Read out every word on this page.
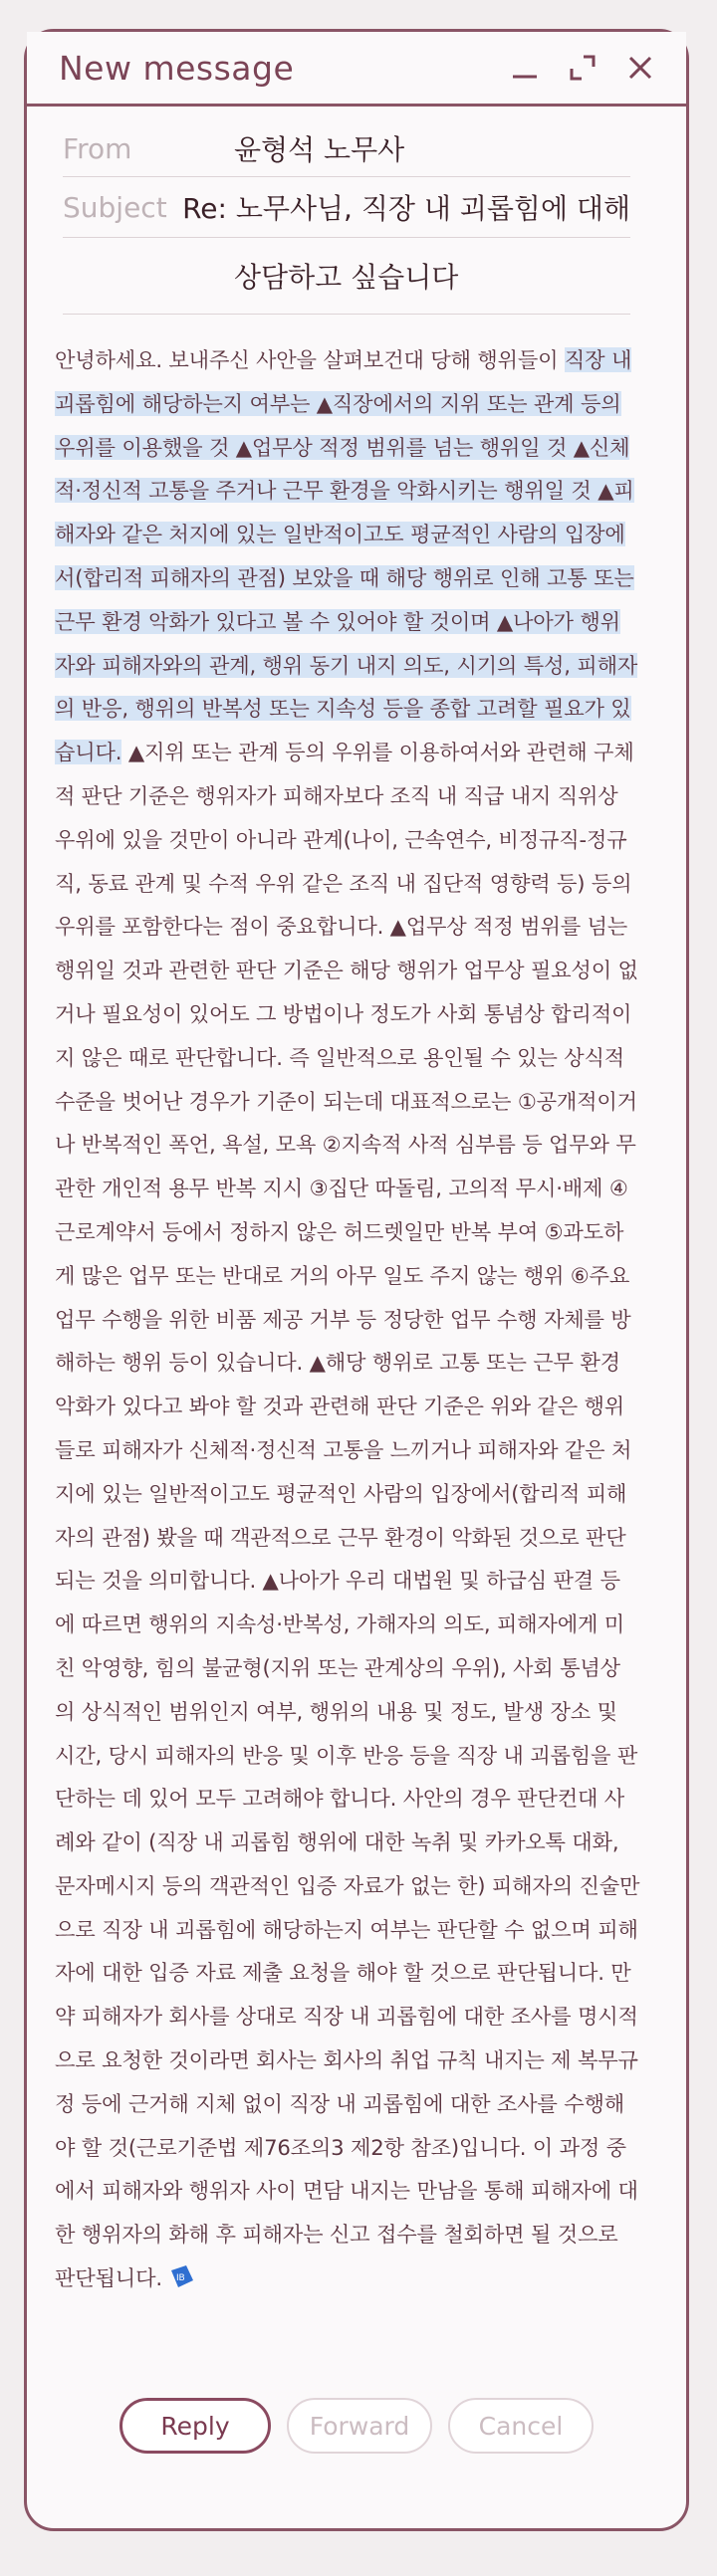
New message
From	윤형석 노무사
Subject Re: 노무사님, 직장 내 괴롭힘에 대해
상담하고 싶습니다
안녕하세요. 보내주신 사안을 살펴보건대 당해 행위들이 직장 내 괴롭힘에 해당하는지 여부는 ▲직장에서의 지위 또는 관계 등의 우위를 이용했을 것 ▲업무상 적정 범위를 넘는 행위일 것 ▲신체적·정신적 고통을 주거나 근무 환경을 악화시키는 행위일 것 ▲피해자와 같은 처지에 있는 일반적이고도 평균적인 사람의 입장에서(합리적 피해자의 관점) 보았을 때 해당 행위로 인해 고통 또는 근무 환경 악화가 있다고 볼 수 있어야 할 것이며 ▲나아가 행위자와 피해자와의 관계, 행위 동기 내지 의도, 시기의 특성, 피해자의 반응, 행위의 반복성 또는 지속성 등을 종합 고려할 필요가 있습니다. ▲지위 또는 관계 등의 우위를 이용하여서와 관련해 구체적 판단 기준은 행위자가 피해자보다 조직 내 직급 내지 직위상 우위에 있을 것만이 아니라 관계(나이, 근속연수, 비정규직-정규직, 동료 관계 및 수적 우위 같은 조직 내 집단적 영향력 등) 등의 우위를 포함한다는 점이 중요합니다. ▲업무상 적정 범위를 넘는 행위일 것과 관련한 판단 기준은 해당 행위가 업무상 필요성이 없거나 필요성이 있어도 그 방법이나 정도가 사회 통념상 합리적이지 않은 때로 판단합니다. 즉 일반적으로 용인될 수 있는 상식적 수준을 벗어난 경우가 기준이 되는데 대표적으로는 ①공개적이거나 반복적인 폭언, 욕설, 모욕 ②지속적 사적 심부름 등 업무와 무관한 개인적 용무 반복 지시 ③집단 따돌림, 고의적 무시·배제 ④근로계약서 등에서 정하지 않은 허드렛일만 반복 부여 ⑤과도하게 많은 업무 또는 반대로 거의 아무 일도 주지 않는 행위 ⑥주요 업무 수행을 위한 비품 제공 거부 등 정당한 업무 수행 자체를 방해하는 행위 등이 있습니다. ▲해당 행위로 고통 또는 근무 환경 악화가 있다고 봐야 할 것과 관련해 판단 기준은 위와 같은 행위들로 피해자가 신체적·정신적 고통을 느끼거나 피해자와 같은 처지에 있는 일반적이고도 평균적인 사람의 입장에서(합리적 피해자의 관점) 봤을 때 객관적으로 근무 환경이 악화된 것으로 판단되는 것을 의미합니다. ▲나아가 우리 대법원 및 하급심 판결 등에 따르면 행위의 지속성·반복성, 가해자의 의도, 피해자에게 미친 악영향, 힘의 불균형(지위 또는 관계상의 우위), 사회 통념상의 상식적인 범위인지 여부, 행위의 내용 및 정도, 발생 장소 및 시간, 당시 피해자의 반응 및 이후 반응 등을 직장 내 괴롭힘을 판단하는 데 있어 모두 고려해야 합니다. 사안의 경우 판단컨대 사례와 같이 (직장 내 괴롭힘 행위에 대한 녹취 및 카카오톡 대화, 문자메시지 등의 객관적인 입증 자료가 없는 한) 피해자의 진술만으로 직장 내 괴롭힘에 해당하는지 여부는 판단할 수 없으며 피해자에 대한 입증 자료 제출 요청을 해야 할 것으로 판단됩니다. 만약 피해자가 회사를 상대로 직장 내 괴롭힘에 대한 조사를 명시적으로 요청한 것이라면 회사는 회사의 취업 규칙 내지는 제 복무규정 등에 근거해 지체 없이 직장 내 괴롭힘에 대한 조사를 수행해야 할 것(근로기준법 제76조의3 제2항 참조)입니다. 이 과정 중에서 피해자와 행위자 사이 면담 내지는 만남을 통해 피해자에 대한 행위자의 화해 후 피해자는 신고 접수를 철회하면 될 것으로 판단됩니다. IB
Reply	Forward	Cancel
